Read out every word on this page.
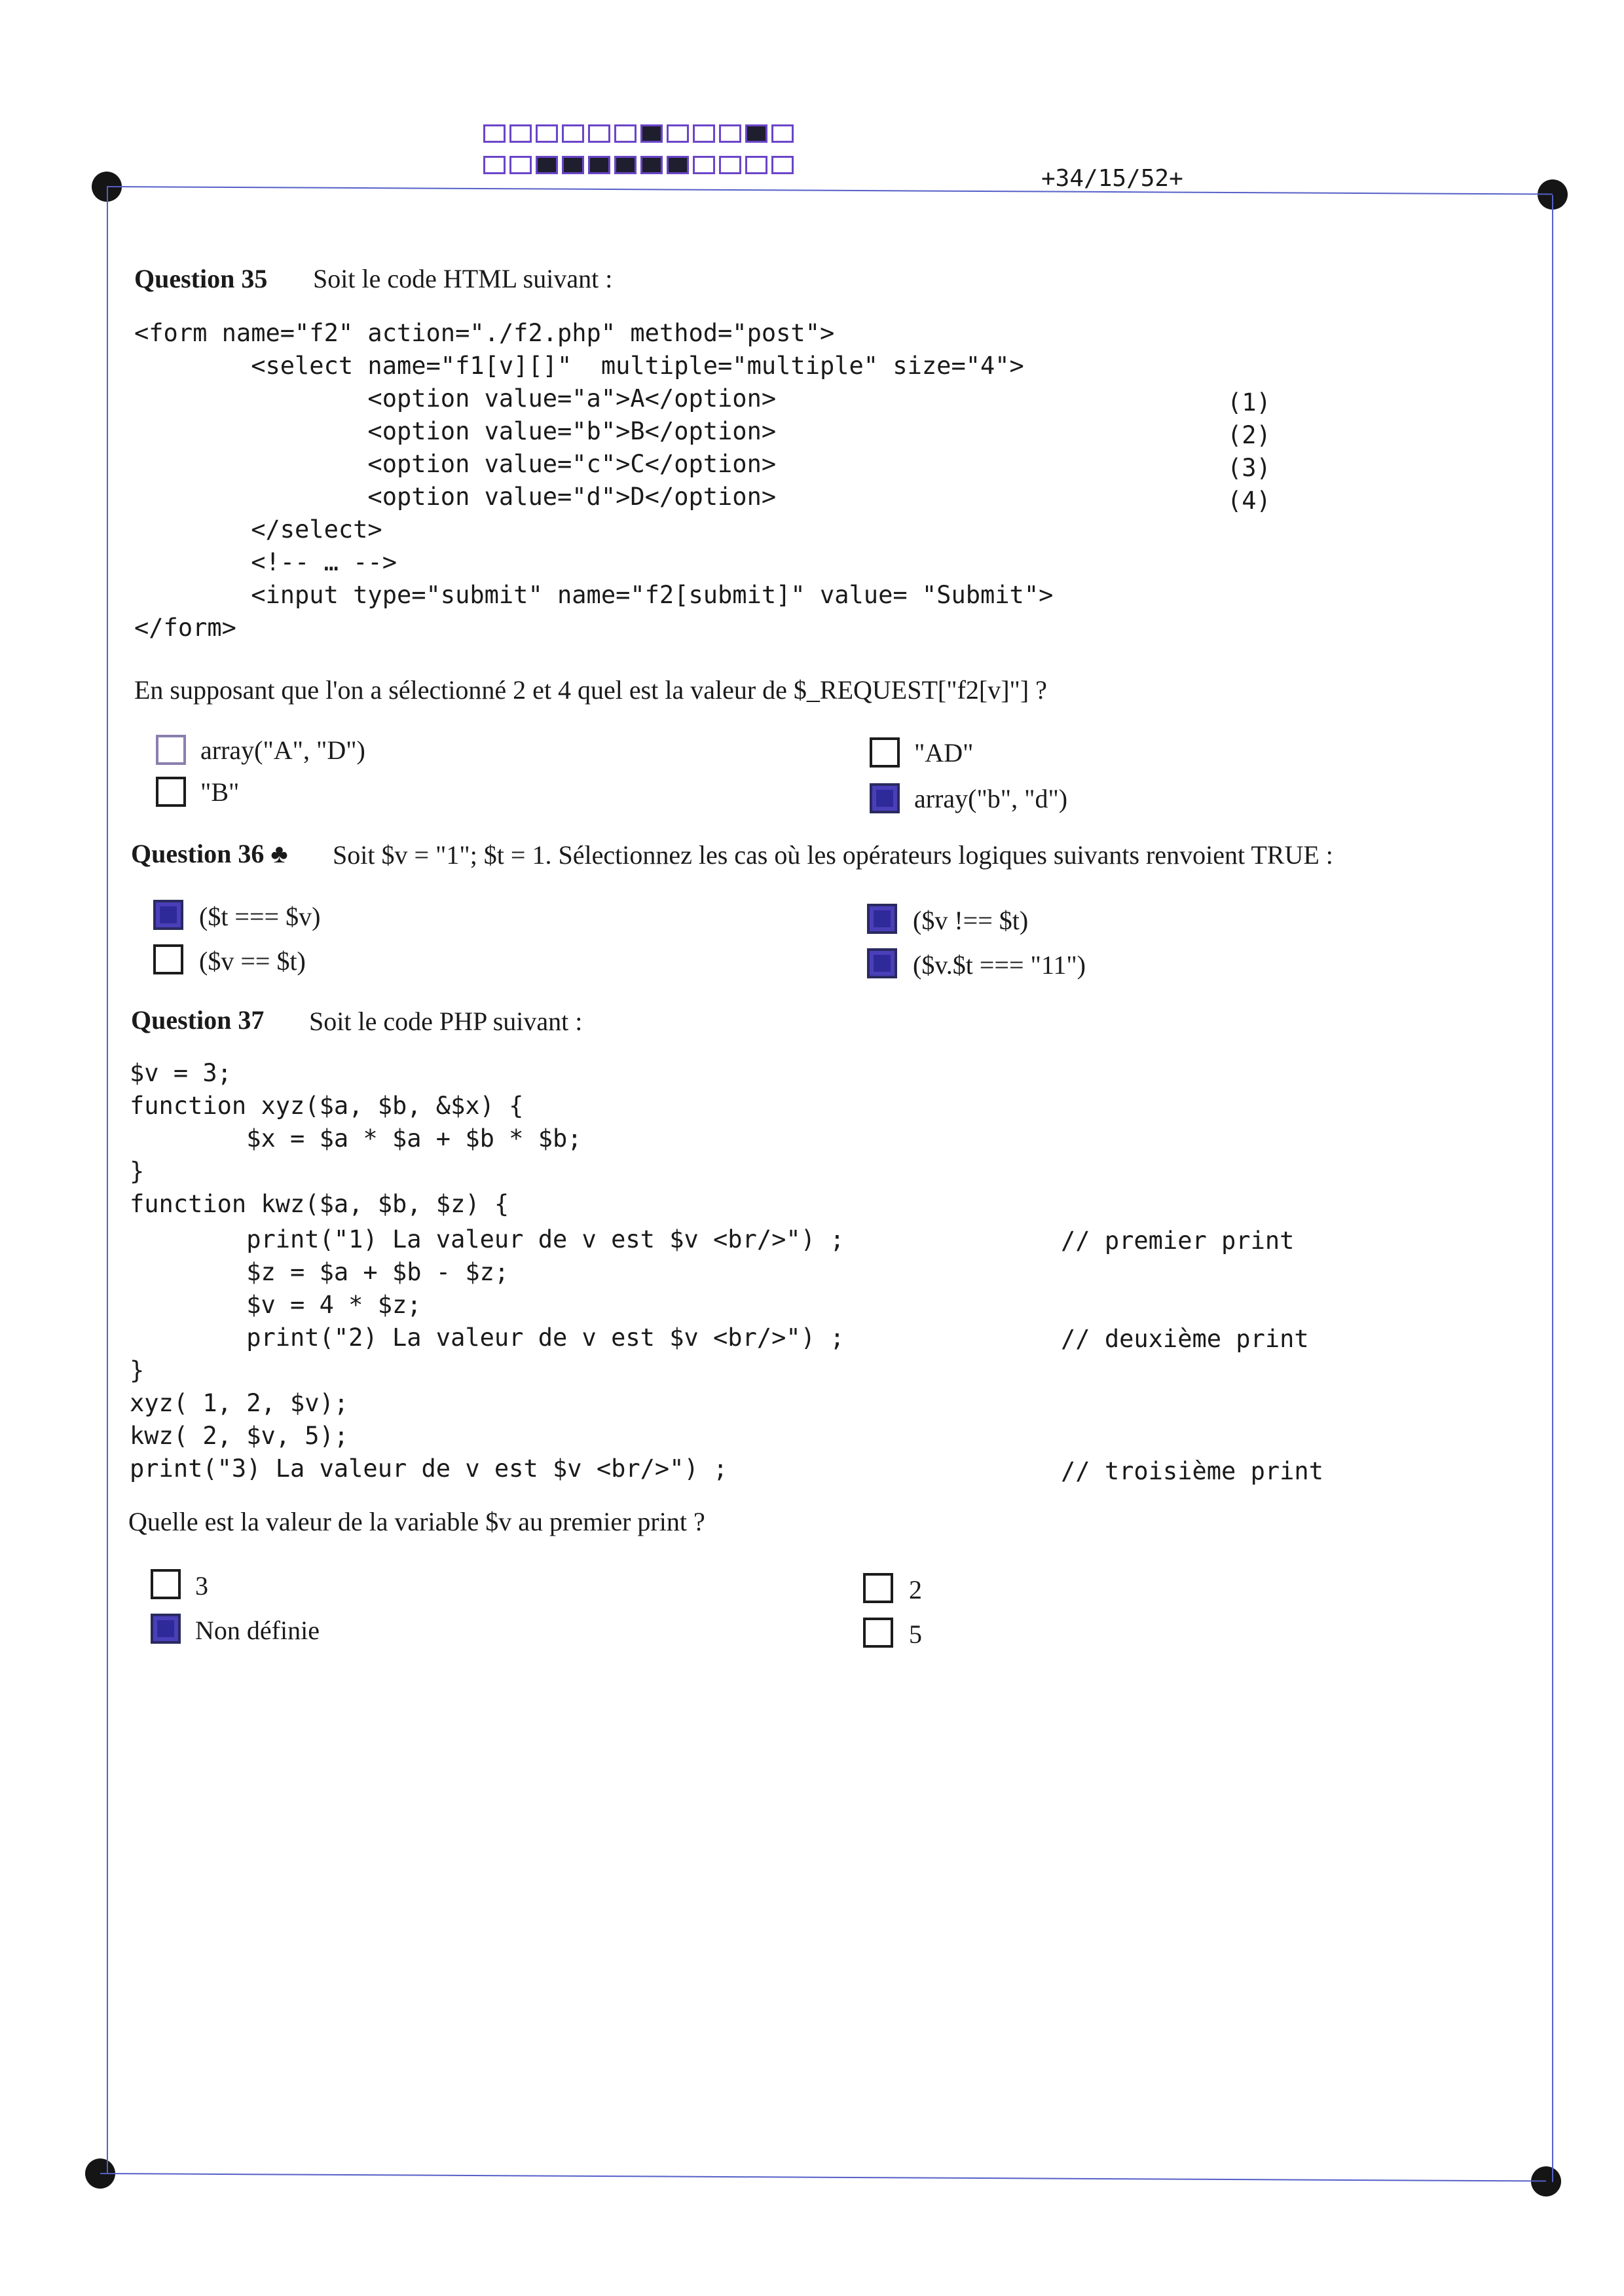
+34/15/52+
Question 35 Soit le code HTML suivant :
<form name="f2" action="./f2.php" method="post">
<select name="f1[v][]"  multiple="multiple" size="4">
<option value="a">A</option>
<option value="b">B</option>
<option value="c">C</option>
<option value="d">D</option>
</select>
<!-- … -->
<input type="submit" name="f2[submit]" value= "Submit">
</form>
(1)
(2)
(3)
(4)
En supposant que l'on a sélectionné 2 et 4 quel est la valeur de $_REQUEST["f2[v]"] ?
array("A", "D")	"AD"
"B"	array("b", "d")
Question 36 ♣ Soit $v = "1"; $t = 1. Sélectionnez les cas où les opérateurs logiques suivants renvoient TRUE :
($t === $v)	($v !== $t)
($v == $t)	($v.$t === "11")
Question 37 Soit le code PHP suivant :
$v = 3;
function xyz($a, $b, &$x) {
$x = $a * $a + $b * $b;
}
function kwz($a, $b, $z) {
print("1) La valeur de v est $v <br/>") ;
$z = $a + $b - $z;
$v = 4 * $z;
print("2) La valeur de v est $v <br/>") ;
}
xyz( 1, 2, $v);
kwz( 2, $v, 5);
print("3) La valeur de v est $v <br/>") ;
// premier print
// deuxième print
// troisième print
Quelle est la valeur de la variable $v au premier print ?
3	2
Non définie	5
